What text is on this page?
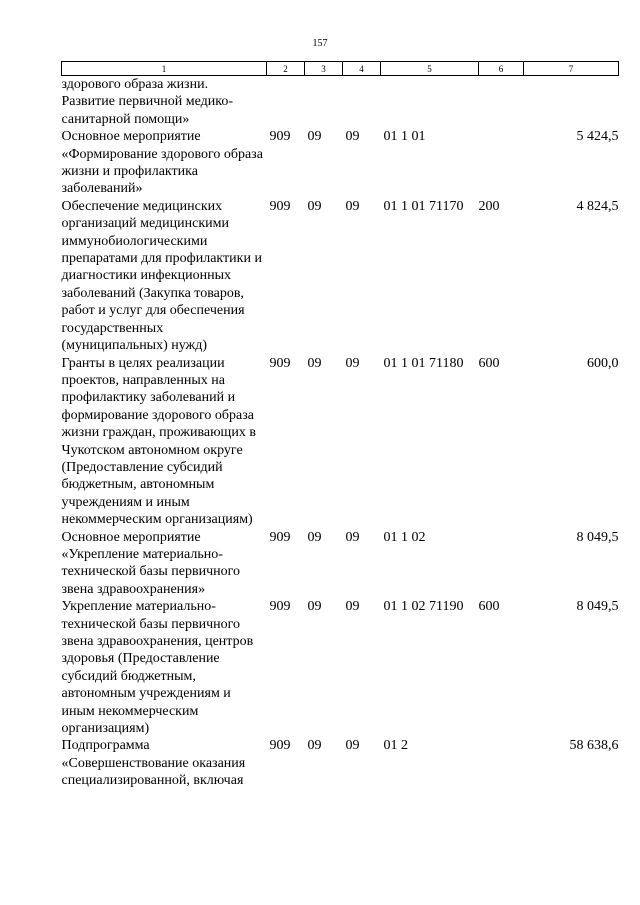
157
1	2	3	4	5	6	7
здорового образа жизни. Развитие первичной медико-санитарной помощи»						
Основное мероприятие «Формирование здорового образа жизни и профилактика заболеваний»	909	09	09	01 1 01		5 424,5
Обеспечение медицинских организаций медицинскими иммунобиологическими препаратами для профилактики и диагностики инфекционных заболеваний (Закупка товаров, работ и услуг для обеспечения государственных (муниципальных) нужд)	909	09	09	01 1 01 71170	200	4 824,5
Гранты в целях реализации проектов, направленных на профилактику заболеваний и формирование здорового образа жизни граждан, проживающих в Чукотском автономном округе (Предоставление субсидий бюджетным, автономным учреждениям и иным некоммерческим организациям)	909	09	09	01 1 01 71180	600	600,0
Основное мероприятие «Укрепление материально-технической базы первичного звена здравоохранения»	909	09	09	01 1 02		8 049,5
Укрепление материально-технической базы первичного звена здравоохранения, центров здоровья (Предоставление субсидий бюджетным, автономным учреждениям и иным некоммерческим организациям)	909	09	09	01 1 02 71190	600	8 049,5
Подпрограмма «Совершенствование оказания специализированной, включая	909	09	09	01 2		58 638,6
